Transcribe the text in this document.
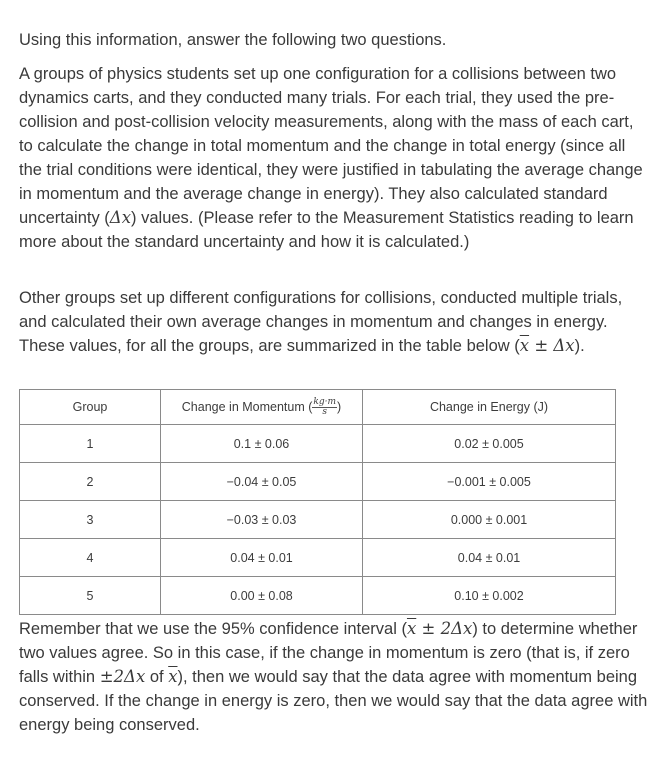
Using this information, answer the following two questions.

A groups of physics students set up one configuration for a collisions between two dynamics carts, and they conducted many trials. For each trial, they used the pre-collision and post-collision velocity measurements, along with the mass of each cart, to calculate the change in total momentum and the change in total energy (since all the trial conditions were identical, they were justified in tabulating the average change in momentum and the average change in energy). They also calculated standard uncertainty (Δx) values. (Please refer to the Measurement Statistics reading to learn more about the standard uncertainty and how it is calculated.)

Other groups set up different configurations for collisions, conducted multiple trials, and calculated their own average changes in momentum and changes in energy. These values, for all the groups, are summarized in the table below $(\overline{x} \pm \Delta x)$.

Group	Change in Momentum ( $\frac{kg\cdot m}{s}$ )	Change in Energy (J)
1	0.1 ± 0.06	0.02 ± 0.005
2	−0.04 ± 0.05	−0.001 ± 0.005
3	−0.03 ± 0.03	0.000 ± 0.001
4	0.04 ± 0.01	0.04 ± 0.01
5	0.00 ± 0.08	0.10 ± 0.002

Remember that we use the 95% confidence interval $(\overline{x} \pm 2\Delta x)$ to determine whether two values agree. So in this case, if the change in momentum is zero (that is, if zero falls within ±2Δx of $\overline{x}$), then we would say that the data agree with momentum being conserved. If the change in energy is zero, then we would say that the data agree with energy being conserved.
